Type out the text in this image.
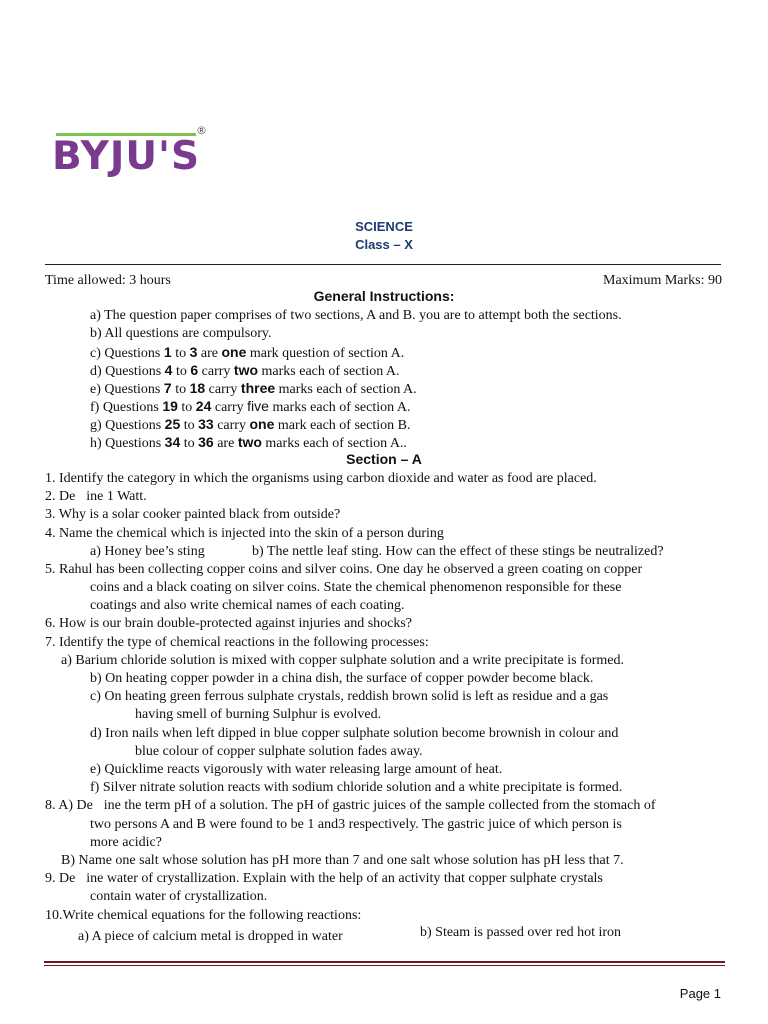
BYJU'S
®
SCIENCE
Class – X
Time allowed: 3 hours	Maximum Marks: 90
General Instructions:
a) The question paper comprises of two sections, A and B. you are to attempt both the sections.
b) All questions are compulsory.
c) Questions 1 to 3 are one mark question of section A.
d) Questions 4 to 6 carry two marks each of section A.
e) Questions 7 to 18 carry three marks each of section A.
f) Questions 19 to 24 carry five marks each of section A.
g) Questions 25 to 33 carry one mark each of section B.
h) Questions 34 to 36 are two marks each of section A..
Section – A
1. Identify the category in which the organisms using carbon dioxide and water as food are placed.
2. De ine 1 Watt.
3. Why is a solar cooker painted black from outside?
4. Name the chemical which is injected into the skin of a person during
a) Honey bee’s sting	b) The nettle leaf sting. How can the effect of these stings be neutralized?
5. Rahul has been collecting copper coins and silver coins. One day he observed a green coating on copper
coins and a black coating on silver coins. State the chemical phenomenon responsible for these
coatings and also write chemical names of each coating.
6. How is our brain double-protected against injuries and shocks?
7. Identify the type of chemical reactions in the following processes:
a) Barium chloride solution is mixed with copper sulphate solution and a write precipitate is formed.
b) On heating copper powder in a china dish, the surface of copper powder become black.
c) On heating green ferrous sulphate crystals, reddish brown solid is left as residue and a gas
having smell of burning Sulphur is evolved.
d) Iron nails when left dipped in blue copper sulphate solution become brownish in colour and
blue colour of copper sulphate solution fades away.
e) Quicklime reacts vigorously with water releasing large amount of heat.
f) Silver nitrate solution reacts with sodium chloride solution and a white precipitate is formed.
8. A) De ine the term pH of a solution. The pH of gastric juices of the sample collected from the stomach of
two persons A and B were found to be 1 and3 respectively. The gastric juice of which person is
more acidic?
B) Name one salt whose solution has pH more than 7 and one salt whose solution has pH less that 7.
9. De ine water of crystallization. Explain with the help of an activity that copper sulphate crystals
contain water of crystallization.
10.Write chemical equations for the following reactions:
a) A piece of calcium metal is dropped in water	b) Steam is passed over red hot iron
Page 1
